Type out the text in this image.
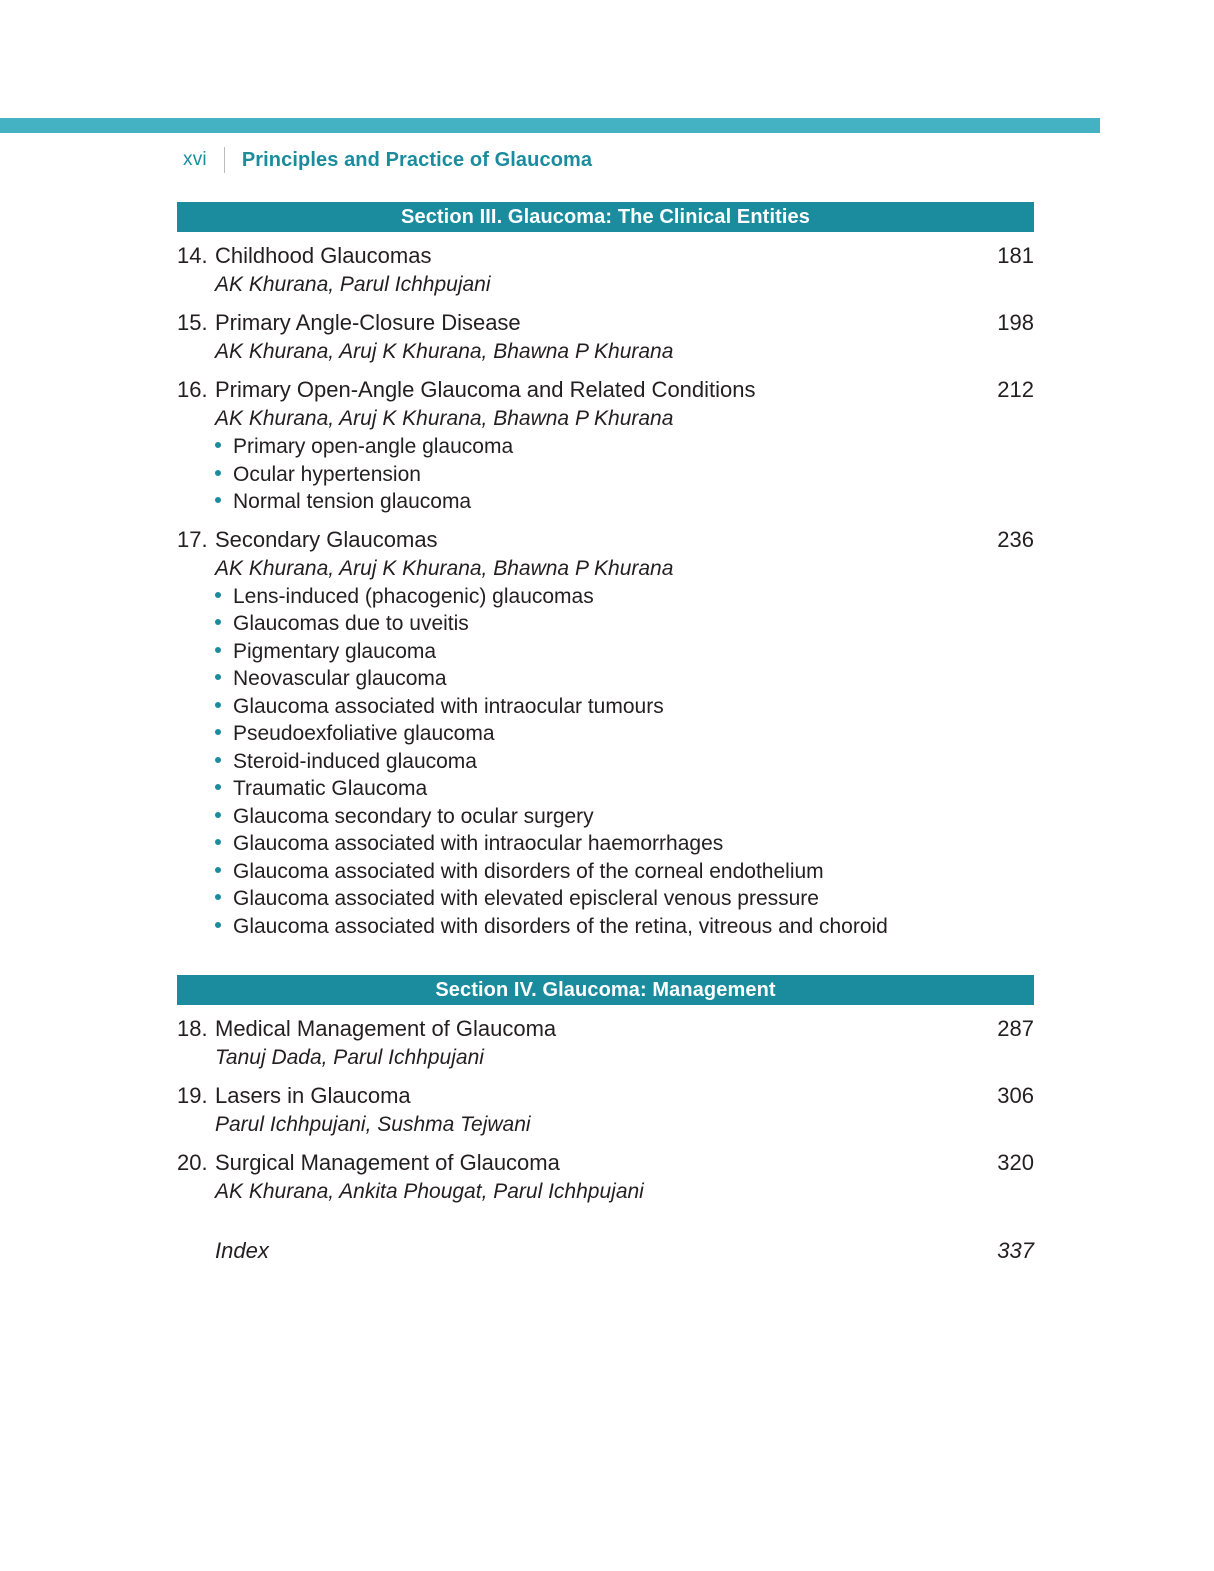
xvi	Principles and Practice of Glaucoma
Section III. Glaucoma: The Clinical Entities
14. Childhood Glaucomas	181
AK Khurana, Parul Ichhpujani
15. Primary Angle-Closure Disease	198
AK Khurana, Aruj K Khurana, Bhawna P Khurana
16. Primary Open-Angle Glaucoma and Related Conditions	212
AK Khurana, Aruj K Khurana, Bhawna P Khurana
Primary open-angle glaucoma
Ocular hypertension
Normal tension glaucoma
17. Secondary Glaucomas	236
AK Khurana, Aruj K Khurana, Bhawna P Khurana
Lens-induced (phacogenic) glaucomas
Glaucomas due to uveitis
Pigmentary glaucoma
Neovascular glaucoma
Glaucoma associated with intraocular tumours
Pseudoexfoliative glaucoma
Steroid-induced glaucoma
Traumatic Glaucoma
Glaucoma secondary to ocular surgery
Glaucoma associated with intraocular haemorrhages
Glaucoma associated with disorders of the corneal endothelium
Glaucoma associated with elevated episcleral venous pressure
Glaucoma associated with disorders of the retina, vitreous and choroid
Section IV. Glaucoma: Management
18. Medical Management of Glaucoma	287
Tanuj Dada, Parul Ichhpujani
19. Lasers in Glaucoma	306
Parul Ichhpujani, Sushma Tejwani
20. Surgical Management of Glaucoma	320
AK Khurana, Ankita Phougat, Parul Ichhpujani
Index	337
